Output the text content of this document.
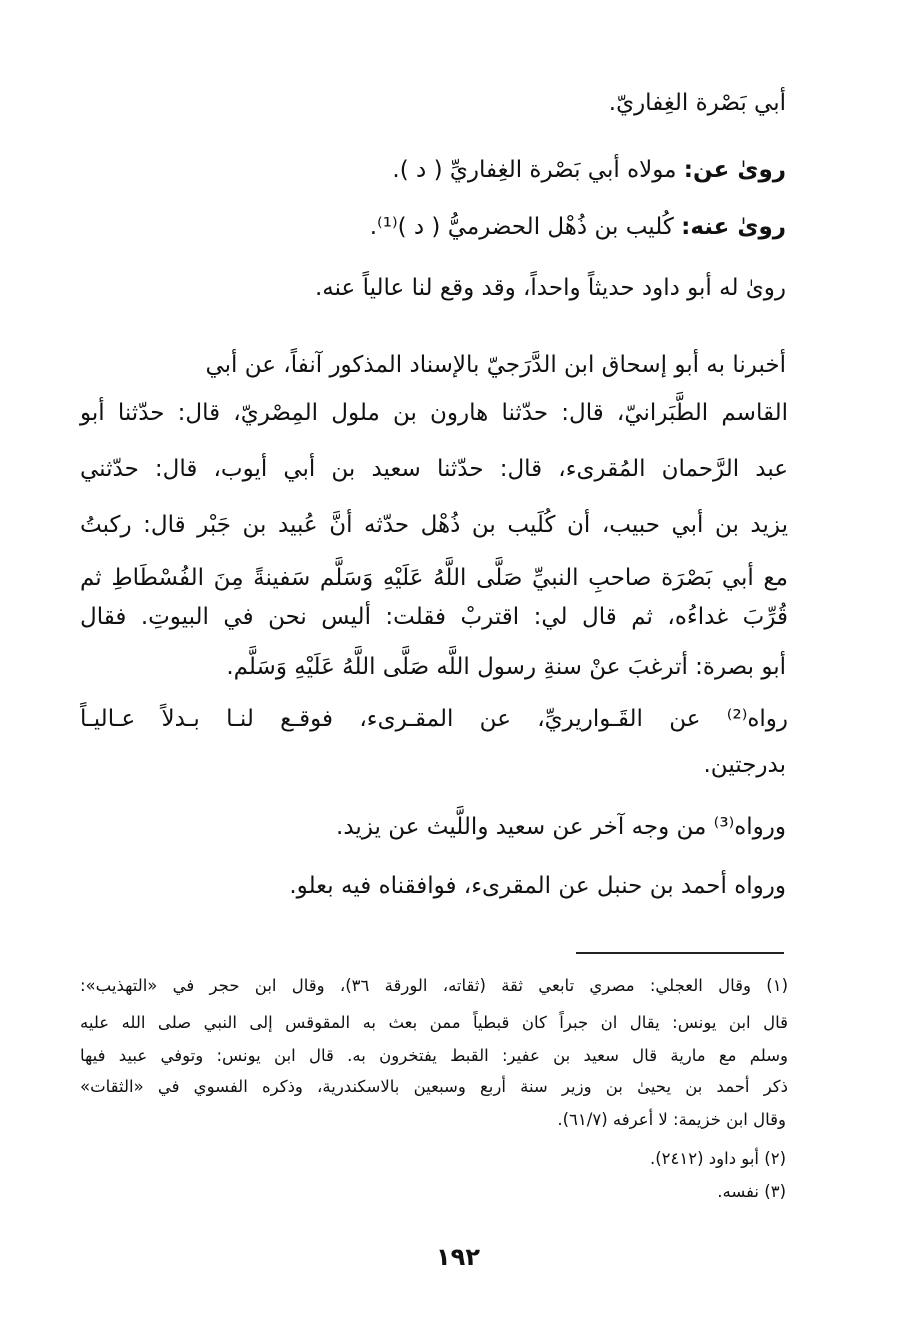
أبي بَصْرة الغِفاريّ.
روىٰ عن: مولاه أبي بَصْرة الغِفاريِّ ( د ).
روىٰ عنه: كُليب بن ذُهْل الحضرميُّ ( د )⁽¹⁾.
روىٰ له أبو داود حديثاً واحداً، وقد وقع لنا عالياً عنه.
أخبرنا به أبو إسحاق ابن الدَّرَجيّ بالإسناد المذكور آنفاً، عن أبي
القاسم الطَّبَرانيّ، قال: حدّثنا هارون بن ملول المِصْريّ، قال: حدّثنا أبو
عبد الرَّحمان المُقرىء، قال: حدّثنا سعيد بن أبي أيوب، قال: حدّثني
يزيد بن أبي حبيب، أن كُلَيب بن ذُهْل حدّثه أنَّ عُبيد بن جَبْر قال: ركبتُ
مع أبي بَصْرَة صاحبِ النبيِّ صَلَّى اللَّهُ عَلَيْهِ وَسَلَّم سَفينةً مِنَ الفُسْطَاطِ ثم
قُرِّبَ غداءُه، ثم قال لي: اقتربْ فقلت: أليس نحن في البيوتِ. فقال
أبو بصرة: أترغبَ عنْ سنةِ رسول اللَّه صَلَّى اللَّهُ عَلَيْهِ وَسَلَّم.
رواه⁽²⁾ عن القَـواريريِّ، عن المقـرىء، فوقـع لنـا بـدلاً عـاليـاً
بدرجتين.
ورواه⁽³⁾ من وجه آخر عن سعيد واللَّيث عن يزيد.
ورواه أحمد بن حنبل عن المقرىء، فوافقناه فيه بعلو.
(١) وقال العجلي: مصري تابعي ثقة (ثقاته، الورقة ٣٦)، وقال ابن حجر في «التهذيب»:
قال ابن يونس: يقال ان جبراً كان قبطياً ممن بعث به المقوقس إلى النبي صلى الله عليه
وسلم مع مارية قال سعيد بن عفير: القبط يفتخرون به. قال ابن يونس: وتوفي عبيد فيها
ذكر أحمد بن يحيىٰ بن وزير سنة أربع وسبعين بالاسكندرية، وذكره الفسوي في «الثقات»
وقال ابن خزيمة: لا أعرفه (٦١/٧).
(٢) أبو داود (٢٤١٢).
(٣) نفسه.
١٩٢
